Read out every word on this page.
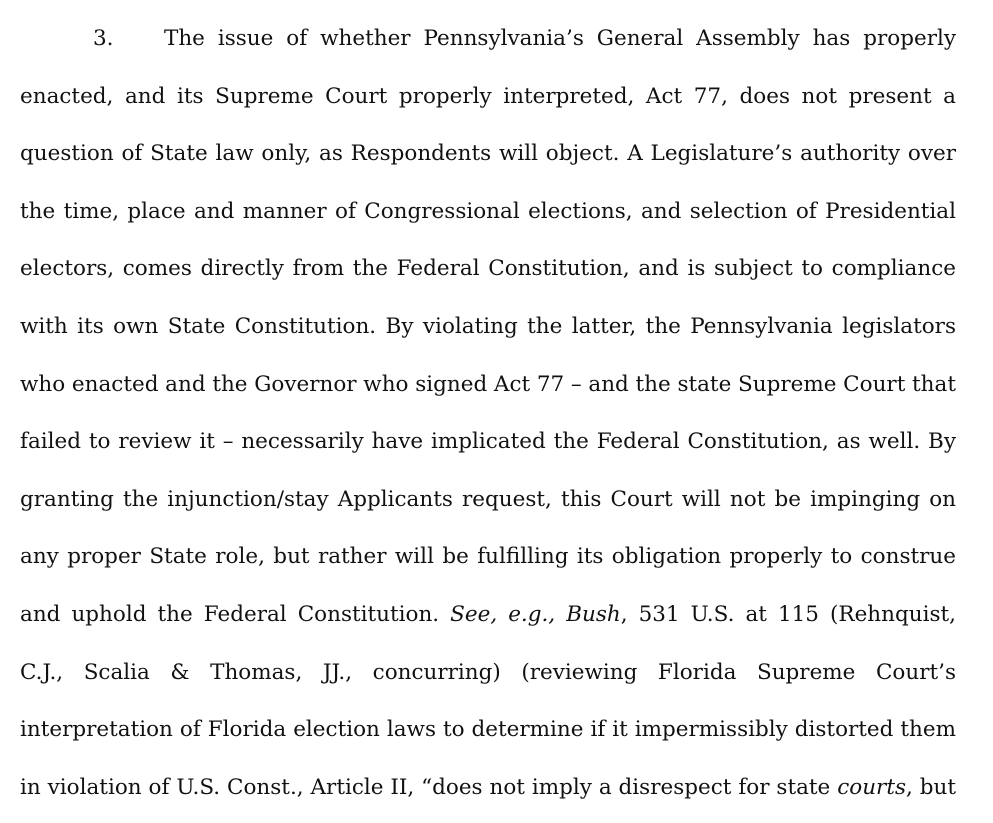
3. The issue of whether Pennsylvania’s General Assembly has properly
enacted, and its Supreme Court properly interpreted, Act 77, does not present a
question of State law only, as Respondents will object. A Legislature’s authority over
the time, place and manner of Congressional elections, and selection of Presidential
electors, comes directly from the Federal Constitution, and is subject to compliance
with its own State Constitution. By violating the latter, the Pennsylvania legislators
who enacted and the Governor who signed Act 77 – and the state Supreme Court that
failed to review it – necessarily have implicated the Federal Constitution, as well. By
granting the injunction/stay Applicants request, this Court will not be impinging on
any proper State role, but rather will be fulfilling its obligation properly to construe
and uphold the Federal Constitution. See, e.g., Bush, 531 U.S. at 115 (Rehnquist,
C.J., Scalia & Thomas, JJ., concurring) (reviewing Florida Supreme Court’s
interpretation of Florida election laws to determine if it impermissibly distorted them
in violation of U.S. Const., Article II, “does not imply a disrespect for state courts, but
